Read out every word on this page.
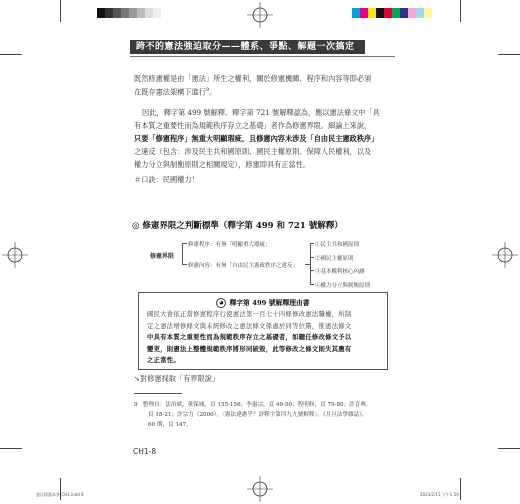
跨不的憲法強迫取分——體系、爭點、解題一次搞定
既然修憲權是由「憲法」所生之權利，關於修憲機關、程序和內容等即必須
在既存憲法架構下進行$^9$。
因此，釋字第 499 號解釋、釋字第 721 號解釋認為，應以憲法條文中「具
有本質之重要性而為規範秩序存立之基礎」者作為修憲界限。細論上來說，
只要「修憲程序」無重大明顯瑕疵，且修憲內容未涉及「自由民主憲政秩序」
之違反（包含：涉及民主共和國原則、國民主權原則、保障人民權利，以及
權力分立與制衡原則之相關規定），修憲即具有正當性。
＃口訣：民國權力！
◎ 修憲界限之判斷標準（釋字第 499 和 721 號解釋）
修憲界限
修憲程序：有無「明顯重大瑕疵」
修憲內容：有無「自由民主憲政秩序之違反」
①民主共和國原則
②國民主權原則
③基本權利核心內涵
④權力分立與制衡原則
◕ 釋字第 499 號解釋理由書
國民大會依正當修憲程序行使憲法第一百七十四條修改憲法職權，所制
定之憲法增修條文與未經修改之憲法條文係處於同等位階，惟憲法條文
中具有本質之重要性而為規範秩序存立之基礎者，如聽任修改條文予以
變更，則憲法上整體規範秩序將形同破毀，此等修改之條文則失其應有
之正當性。
➘對修憲採取「有界限說」
9 整理自：法治斌、董保城，頁 155-156；李惠宗，頁 49-50；程明修，頁 79-80；許育典，
頁 18-21；許宗力（2000），〈憲法違憲乎？評釋字第四九九號解釋〉，《月旦法學雜誌》，
60 期，頁 147。
CH1-8
憲法精選本書-CH1.indd 8	2023/2/15 下午1:59
